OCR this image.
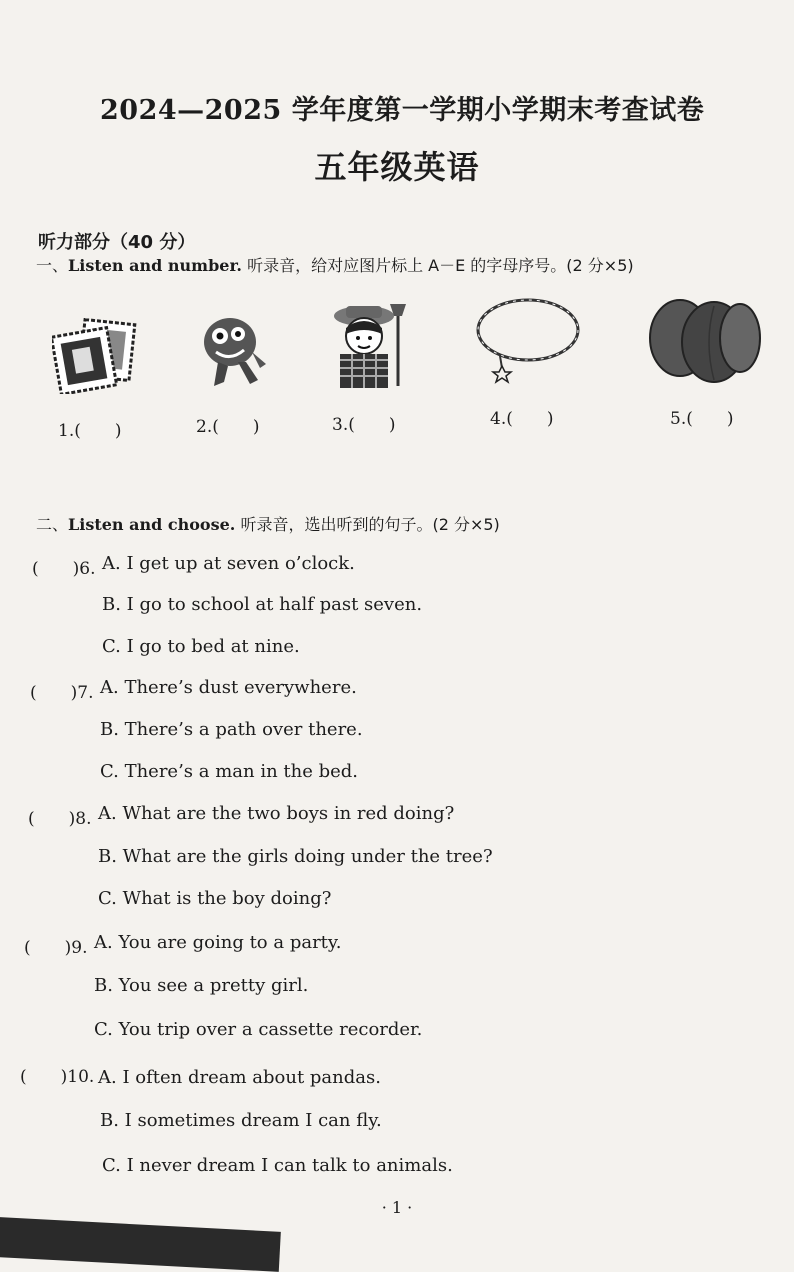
2024—2025 学年度第一学期小学期末考查试卷
五年级英语
听力部分（40 分）
一、Listen and number. 听录音，给对应图片标上 A－E 的字母序号。(2 分×5)
1.(　　)	2.(　　)	3.(　　)	4.(　　)	5.(　　)
二、Listen and choose. 听录音，选出听到的句子。(2 分×5)
(　　)6. A. I get up at seven o’clock.
B. I go to school at half past seven.
C. I go to bed at nine.
(　　)7. A. There’s dust everywhere.
B. There’s a path over there.
C. There’s a man in the bed.
(　　)8. A. What are the two boys in red doing?
B. What are the girls doing under the tree?
C. What is the boy doing?
(　　)9. A. You are going to a party.
B. You see a pretty girl.
C. You trip over a cassette recorder.
(　　)10. A. I often dream about pandas.
B. I sometimes dream I can fly.
C. I never dream I can talk to animals.
· 1 ·
